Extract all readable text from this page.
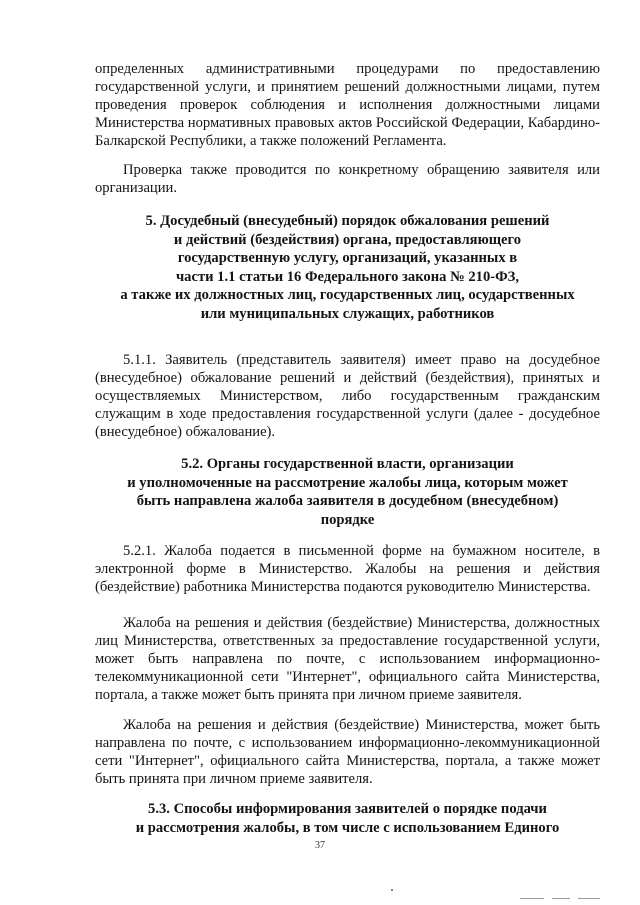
определенных административными процедурами по предоставлению государственной услуги, и принятием решений должностными лицами, путем проведения проверок соблюдения и исполнения должностными лицами Министерства нормативных правовых актов Российской Федерации, Кабардино-Балкарской Республики, а также положений Регламента.

Проверка также проводится по конкретному обращению заявителя или организации.

5. Досудебный (внесудебный) порядок обжалования решений
и действий (бездействия) органа, предоставляющего
государственную услугу, организаций, указанных в
части 1.1 статьи 16 Федерального закона № 210-ФЗ,
а также их должностных лиц, государственных лиц, осударственных
или муниципальных служащих, работников

5.1.1. Заявитель (представитель заявителя) имеет право на досудебное (внесудебное) обжалование решений и действий (бездействия), принятых и осуществляемых Министерством, либо государственным гражданским служащим в ходе предоставления государственной услуги (далее - досудебное (внесудебное) обжалование).

5.2. Органы государственной власти, организации
и уполномоченные на рассмотрение жалобы лица, которым может
быть направлена жалоба заявителя в досудебном (внесудебном)
порядке

5.2.1. Жалоба подается в письменной форме на бумажном носителе, в электронной форме в Министерство. Жалобы на решения и действия (бездействие) работника Министерства подаются руководителю Министерства.

Жалоба на решения и действия (бездействие) Министерства, должностных лиц Министерства, ответственных за предоставление государственной услуги, может быть направлена по почте, с использованием информационно-телекоммуникационной сети "Интернет", официального сайта Министерства, портала, а также может быть принята при личном приеме заявителя.

Жалоба на решения и действия (бездействие) Министерства, может быть направлена по почте, с использованием информационно-лекоммуникационной сети "Интернет", официального сайта Министерства, портала, а также может быть принята при личном приеме заявителя.

5.3. Способы информирования заявителей о порядке подачи
и рассмотрения жалобы, в том числе с использованием Единого
37
